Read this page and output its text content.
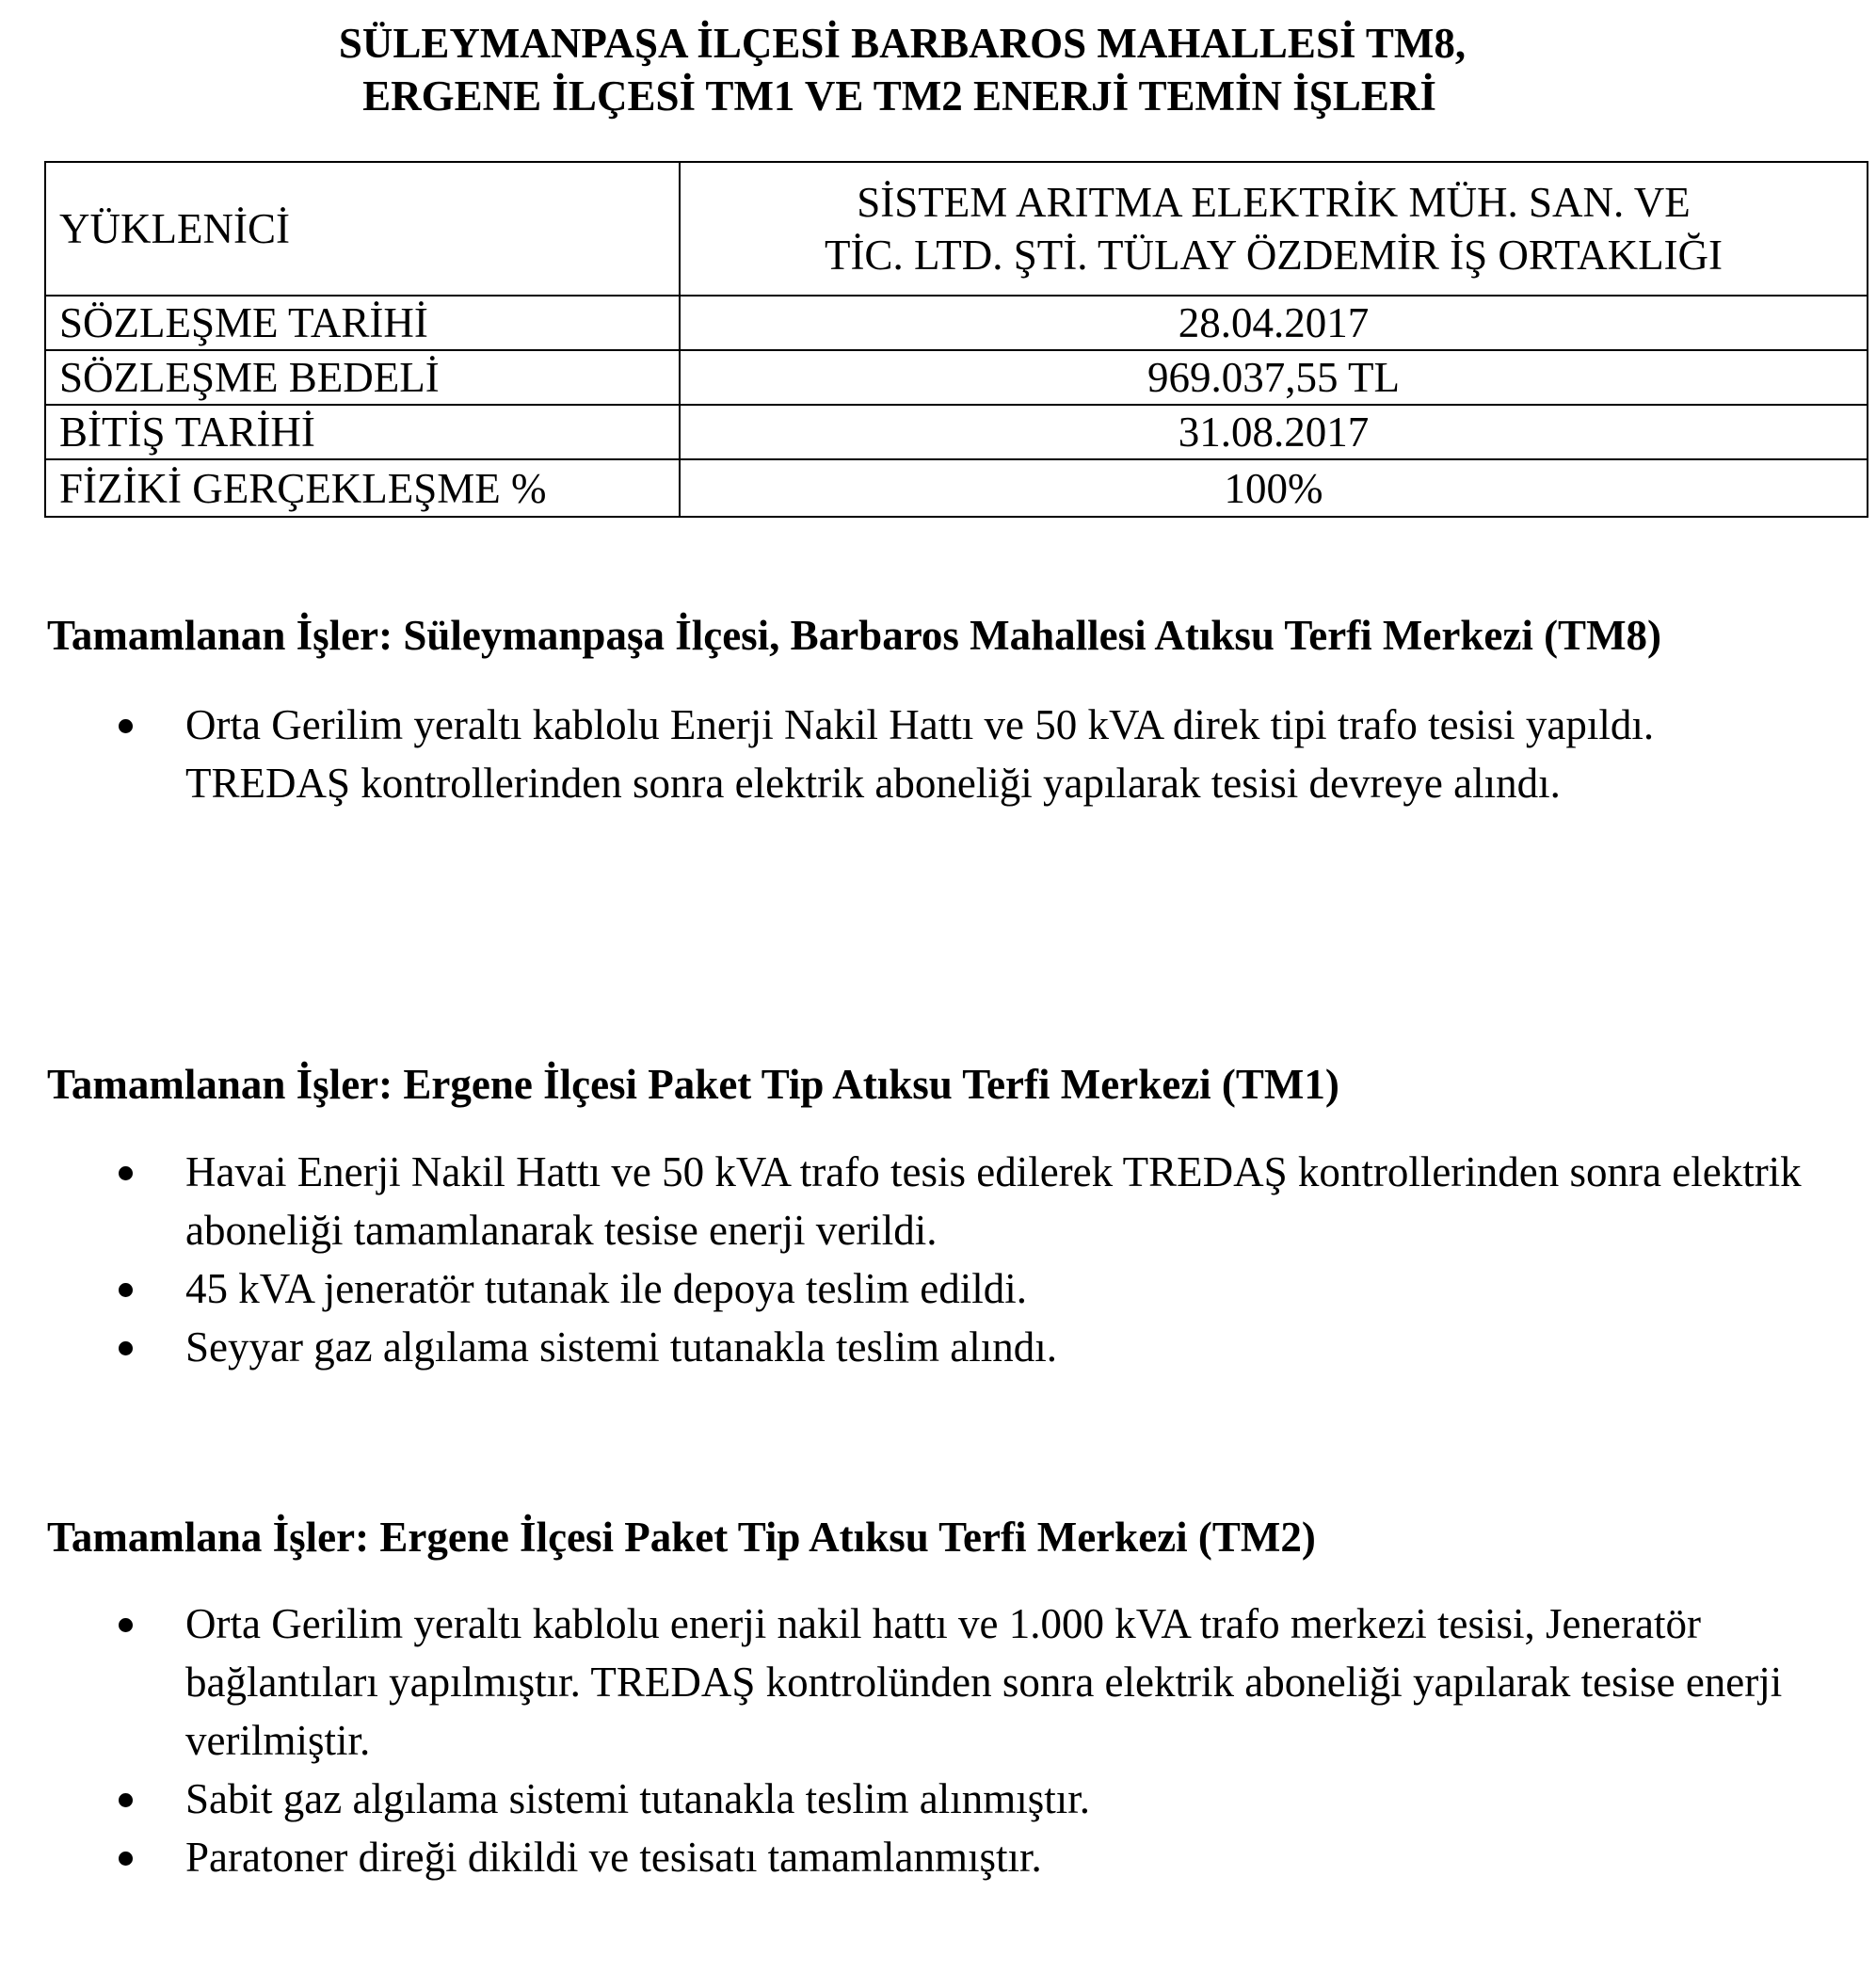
SÜLEYMANPAŞA İLÇESİ BARBAROS MAHALLESİ TM8,
ERGENE İLÇESİ TM1 VE TM2 ENERJİ TEMİN İŞLERİ
YÜKLENİCİ	SİSTEM ARITMA ELEKTRİK MÜH. SAN. VE
TİC. LTD. ŞTİ. TÜLAY ÖZDEMİR İŞ ORTAKLIĞI

SÖZLEŞME TARİHİ	28.04.2017
SÖZLEŞME BEDELİ	969.037,55 TL
BİTİŞ TARİHİ	31.08.2017
FİZİKİ GERÇEKLEŞME %	100%

Tamamlanan İşler: Süleymanpaşa İlçesi, Barbaros Mahallesi Atıksu Terfi Merkezi (TM8)

Orta Gerilim yeraltı kablolu Enerji Nakil Hattı ve 50 kVA direk tipi trafo tesisi yapıldı. TREDAŞ kontrollerinden sonra elektrik aboneliği yapılarak tesisi devreye alındı.

Tamamlanan İşler: Ergene İlçesi Paket Tip Atıksu Terfi Merkezi (TM1)

Havai Enerji Nakil Hattı ve 50 kVA trafo tesis edilerek TREDAŞ kontrollerinden sonra elektrik aboneliği tamamlanarak tesise enerji verildi.
45 kVA jeneratör tutanak ile depoya teslim edildi.
Seyyar gaz algılama sistemi tutanakla teslim alındı.

Tamamlana İşler: Ergene İlçesi Paket Tip Atıksu Terfi Merkezi (TM2)

Orta Gerilim yeraltı kablolu enerji nakil hattı ve 1.000 kVA trafo merkezi tesisi, Jeneratör bağlantıları yapılmıştır. TREDAŞ kontrolünden sonra elektrik aboneliği yapılarak tesise enerji verilmiştir.
Sabit gaz algılama sistemi tutanakla teslim alınmıştır.
Paratoner direği dikildi ve tesisatı tamamlanmıştır.
